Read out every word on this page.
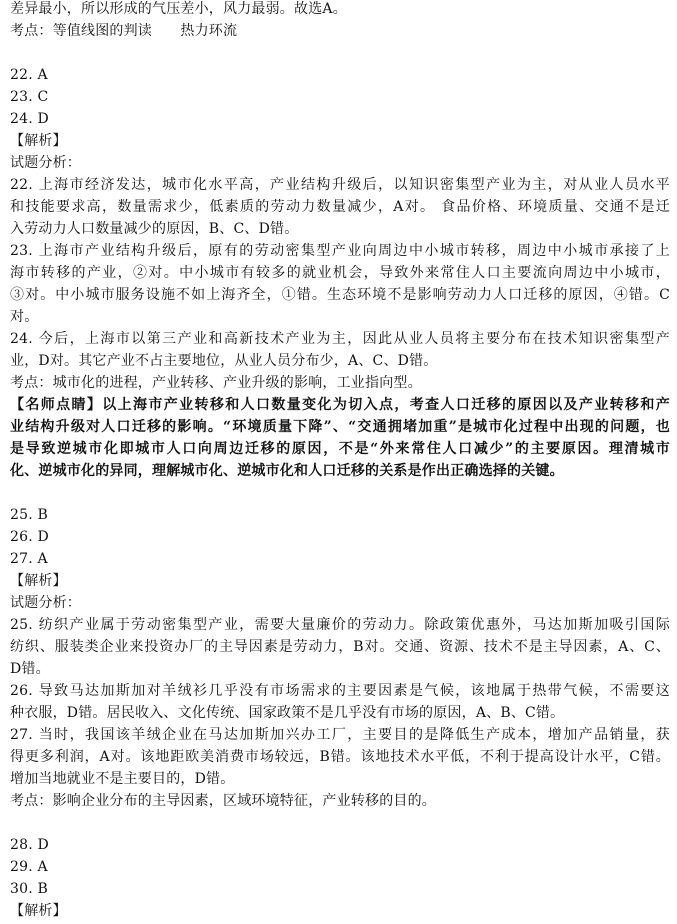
差异最小，所以形成的气压差小，风力最弱。故选A。
考点：等值线图的判读　　热力环流
22. A
23. C
24. D
【解析】
试题分析：
22. 上海市经济发达，城市化水平高，产业结构升级后，以知识密集型产业为主，对从业人员水平
和技能要求高，数量需求少，低素质的劳动力数量减少，A对。 食品价格、环境质量、交通不是迁
入劳动力人口数量减少的原因，B、C、D错。
23. 上海市产业结构升级后，原有的劳动密集型产业向周边中小城市转移，周边中小城市承接了上
海市转移的产业，②对。中小城市有较多的就业机会，导致外来常住人口主要流向周边中小城市，
③对。中小城市服务设施不如上海齐全，①错。生态环境不是影响劳动力人口迁移的原因，④错。C
对。
24. 今后，上海市以第三产业和高新技术产业为主，因此从业人员将主要分布在技术知识密集型产
业，D对。其它产业不占主要地位，从业人员分布少，A、C、D错。
考点：城市化的进程，产业转移、产业升级的影响，工业指向型。
【名师点睛】以上海市产业转移和人口数量变化为切入点，考查人口迁移的原因以及产业转移和产
业结构升级对人口迁移的影响。“环境质量下降”、“交通拥堵加重”是城市化过程中出现的问题，也
是导致逆城市化即城市人口向周边迁移的原因，不是“外来常住人口减少”的主要原因。理清城市
化、逆城市化的异同，理解城市化、逆城市化和人口迁移的关系是作出正确选择的关键。
25. B
26. D
27. A
【解析】
试题分析：
25. 纺织产业属于劳动密集型产业，需要大量廉价的劳动力。除政策优惠外，马达加斯加吸引国际
纺织、服装类企业来投资办厂的主导因素是劳动力，B对。交通、资源、技术不是主导因素，A、C、
D错。
26. 导致马达加斯加对羊绒衫几乎没有市场需求的主要因素是气候，该地属于热带气候，不需要这
种衣服，D错。居民收入、文化传统、国家政策不是几乎没有市场的原因，A、B、C错。
27. 当时，我国该羊绒企业在马达加斯加兴办工厂，主要目的是降低生产成本，增加产品销量，获
得更多利润，A对。该地距欧美消费市场较远，B错。该地技术水平低，不利于提高设计水平，C错。
增加当地就业不是主要目的，D错。
考点：影响企业分布的主导因素，区域环境特征，产业转移的目的。
28. D
29. A
30. B
【解析】
